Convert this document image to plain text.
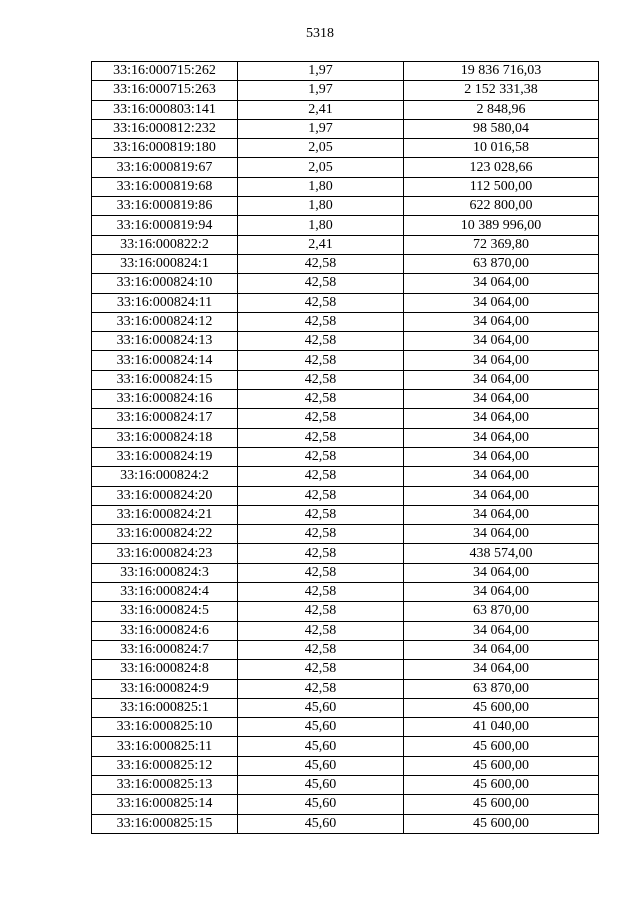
5318
33:16:000715:262	1,97	19 836 716,03
33:16:000715:263	1,97	2 152 331,38
33:16:000803:141	2,41	2 848,96
33:16:000812:232	1,97	98 580,04
33:16:000819:180	2,05	10 016,58
33:16:000819:67	2,05	123 028,66
33:16:000819:68	1,80	112 500,00
33:16:000819:86	1,80	622 800,00
33:16:000819:94	1,80	10 389 996,00
33:16:000822:2	2,41	72 369,80
33:16:000824:1	42,58	63 870,00
33:16:000824:10	42,58	34 064,00
33:16:000824:11	42,58	34 064,00
33:16:000824:12	42,58	34 064,00
33:16:000824:13	42,58	34 064,00
33:16:000824:14	42,58	34 064,00
33:16:000824:15	42,58	34 064,00
33:16:000824:16	42,58	34 064,00
33:16:000824:17	42,58	34 064,00
33:16:000824:18	42,58	34 064,00
33:16:000824:19	42,58	34 064,00
33:16:000824:2	42,58	34 064,00
33:16:000824:20	42,58	34 064,00
33:16:000824:21	42,58	34 064,00
33:16:000824:22	42,58	34 064,00
33:16:000824:23	42,58	438 574,00
33:16:000824:3	42,58	34 064,00
33:16:000824:4	42,58	34 064,00
33:16:000824:5	42,58	63 870,00
33:16:000824:6	42,58	34 064,00
33:16:000824:7	42,58	34 064,00
33:16:000824:8	42,58	34 064,00
33:16:000824:9	42,58	63 870,00
33:16:000825:1	45,60	45 600,00
33:16:000825:10	45,60	41 040,00
33:16:000825:11	45,60	45 600,00
33:16:000825:12	45,60	45 600,00
33:16:000825:13	45,60	45 600,00
33:16:000825:14	45,60	45 600,00
33:16:000825:15	45,60	45 600,00
